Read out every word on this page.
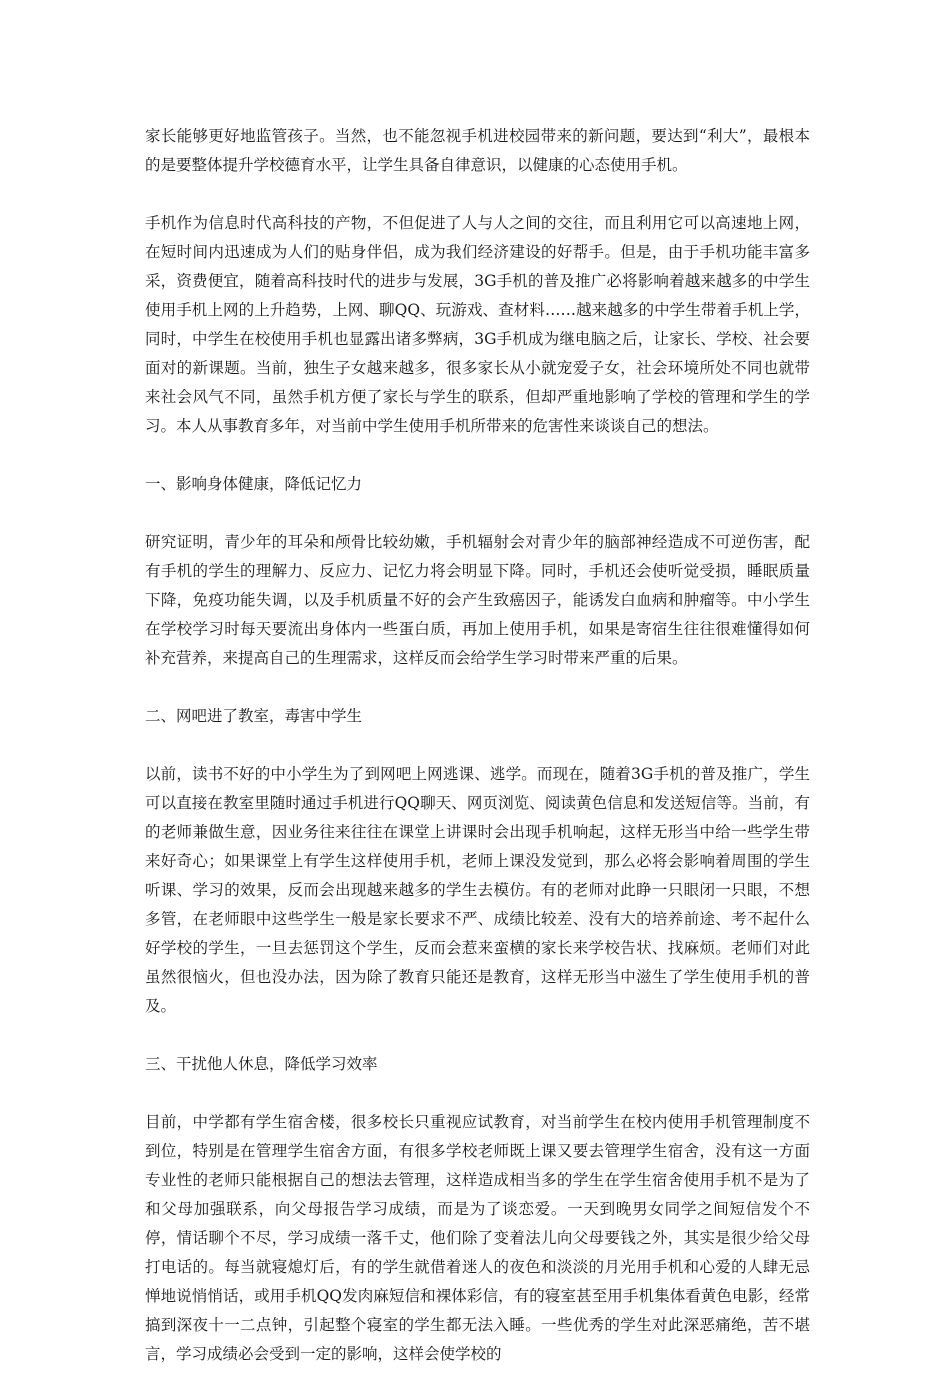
家长能够更好地监管孩子。当然，也不能忽视手机进校园带来的新问题，要达到“利大”，最根本的是要整体提升学校德育水平，让学生具备自律意识，以健康的心态使用手机。

手机作为信息时代高科技的产物，不但促进了人与人之间的交往，而且利用它可以高速地上网，在短时间内迅速成为人们的贴身伴侣，成为我们经济建设的好帮手。但是，由于手机功能丰富多采，资费便宜，随着高科技时代的进步与发展，3G手机的普及推广必将影响着越来越多的中学生使用手机上网的上升趋势，上网、聊QQ、玩游戏、查材料……越来越多的中学生带着手机上学，同时，中学生在校使用手机也显露出诸多弊病，3G手机成为继电脑之后，让家长、学校、社会要面对的新课题。当前，独生子女越来越多，很多家长从小就宠爱子女，社会环境所处不同也就带来社会风气不同，虽然手机方便了家长与学生的联系，但却严重地影响了学校的管理和学生的学习。本人从事教育多年，对当前中学生使用手机所带来的危害性来谈谈自己的想法。

一、影响身体健康，降低记忆力

研究证明，青少年的耳朵和颅骨比较幼嫩，手机辐射会对青少年的脑部神经造成不可逆伤害，配有手机的学生的理解力、反应力、记忆力将会明显下降。同时，手机还会使听觉受损，睡眠质量下降，免疫功能失调，以及手机质量不好的会产生致癌因子，能诱发白血病和肿瘤等。中小学生在学校学习时每天要流出身体内一些蛋白质，再加上使用手机，如果是寄宿生往往很难懂得如何补充营养，来提高自己的生理需求，这样反而会给学生学习时带来严重的后果。

二、网吧进了教室，毒害中学生

以前，读书不好的中小学生为了到网吧上网逃课、逃学。而现在，随着3G手机的普及推广，学生可以直接在教室里随时通过手机进行QQ聊天、网页浏览、阅读黄色信息和发送短信等。当前，有的老师兼做生意，因业务往来往往在课堂上讲课时会出现手机响起，这样无形当中给一些学生带来好奇心；如果课堂上有学生这样使用手机，老师上课没发觉到，那么必将会影响着周围的学生听课、学习的效果，反而会出现越来越多的学生去模仿。有的老师对此睁一只眼闭一只眼，不想多管，在老师眼中这些学生一般是家长要求不严、成绩比较差、没有大的培养前途、考不起什么好学校的学生，一旦去惩罚这个学生，反而会惹来蛮横的家长来学校告状、找麻烦。老师们对此虽然很恼火，但也没办法，因为除了教育只能还是教育，这样无形当中滋生了学生使用手机的普及。

三、干扰他人休息，降低学习效率

目前，中学都有学生宿舍楼，很多校长只重视应试教育，对当前学生在校内使用手机管理制度不到位，特别是在管理学生宿舍方面，有很多学校老师既上课又要去管理学生宿舍，没有这一方面专业性的老师只能根据自己的想法去管理，这样造成相当多的学生在学生宿舍使用手机不是为了和父母加强联系，向父母报告学习成绩，而是为了谈恋爱。一天到晚男女同学之间短信发个不停，情话聊个不尽，学习成绩一落千丈，他们除了变着法儿向父母要钱之外，其实是很少给父母打电话的。每当就寝熄灯后，有的学生就借着迷人的夜色和淡淡的月光用手机和心爱的人肆无忌惮地说悄悄话，或用手机QQ发肉麻短信和裸体彩信，有的寝室甚至用手机集体看黄色电影，经常搞到深夜十一二点钟，引起整个寝室的学生都无法入睡。一些优秀的学生对此深恶痛绝，苦不堪言，学习成绩必会受到一定的影响，这样会使学校的
